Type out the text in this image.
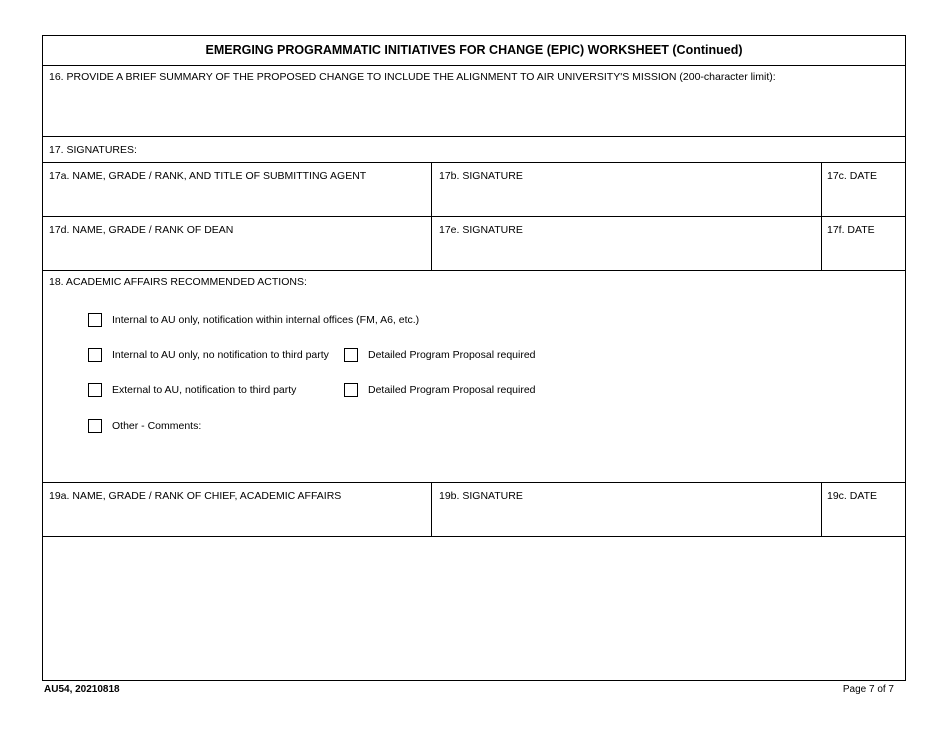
EMERGING PROGRAMMATIC INITIATIVES FOR CHANGE (EPIC) WORKSHEET (Continued)
16. PROVIDE A BRIEF SUMMARY OF THE PROPOSED CHANGE TO INCLUDE THE ALIGNMENT TO AIR UNIVERSITY'S MISSION (200-character limit):
17. SIGNATURES:
17a. NAME, GRADE / RANK, AND TITLE OF SUBMITTING AGENT	17b. SIGNATURE	17c. DATE
17d. NAME, GRADE / RANK OF DEAN	17e. SIGNATURE	17f. DATE
18. ACADEMIC AFFAIRS RECOMMENDED ACTIONS:
Internal to AU only, notification within internal offices (FM, A6, etc.)
Internal to AU only, no notification to third party	Detailed Program Proposal required
External to AU, notification to third party	Detailed Program Proposal required
Other - Comments:
19a. NAME, GRADE / RANK OF CHIEF, ACADEMIC AFFAIRS	19b. SIGNATURE	19c. DATE
AU54, 20210818	Page 7 of 7
